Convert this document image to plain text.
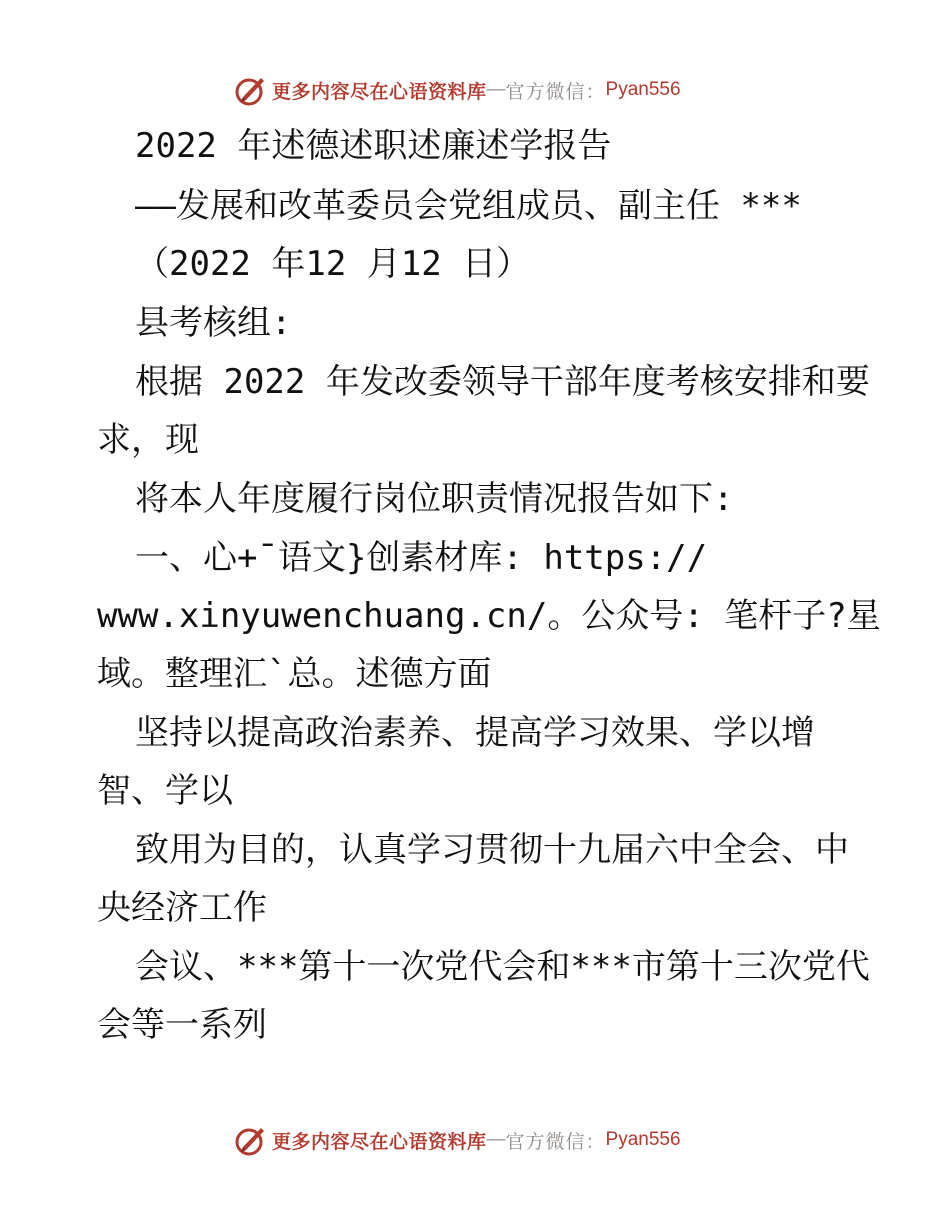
更多内容尽在心语资料库 — 官方微信： Pyan556
2022 年述德述职述廉述学报告
——发展和改革委员会党组成员、副主任 ***
（2022 年12 月12 日）
县考核组:
根据 2022 年发改委领导干部年度考核安排和要
求，现
将本人年度履行岗位职责情况报告如下:
一、心+¯语文}创素材库: https://
www.xinyuwenchuang.cn/。公众号: 笔杆子?星
域。整理汇`总。述德方面
坚持以提高政治素养、提高学习效果、学以增
智、学以
致用为目的，认真学习贯彻十九届六中全会、中
央经济工作
会议、***第十一次党代会和***市第十三次党代
会等一系列
更多内容尽在心语资料库 — 官方微信： Pyan556
